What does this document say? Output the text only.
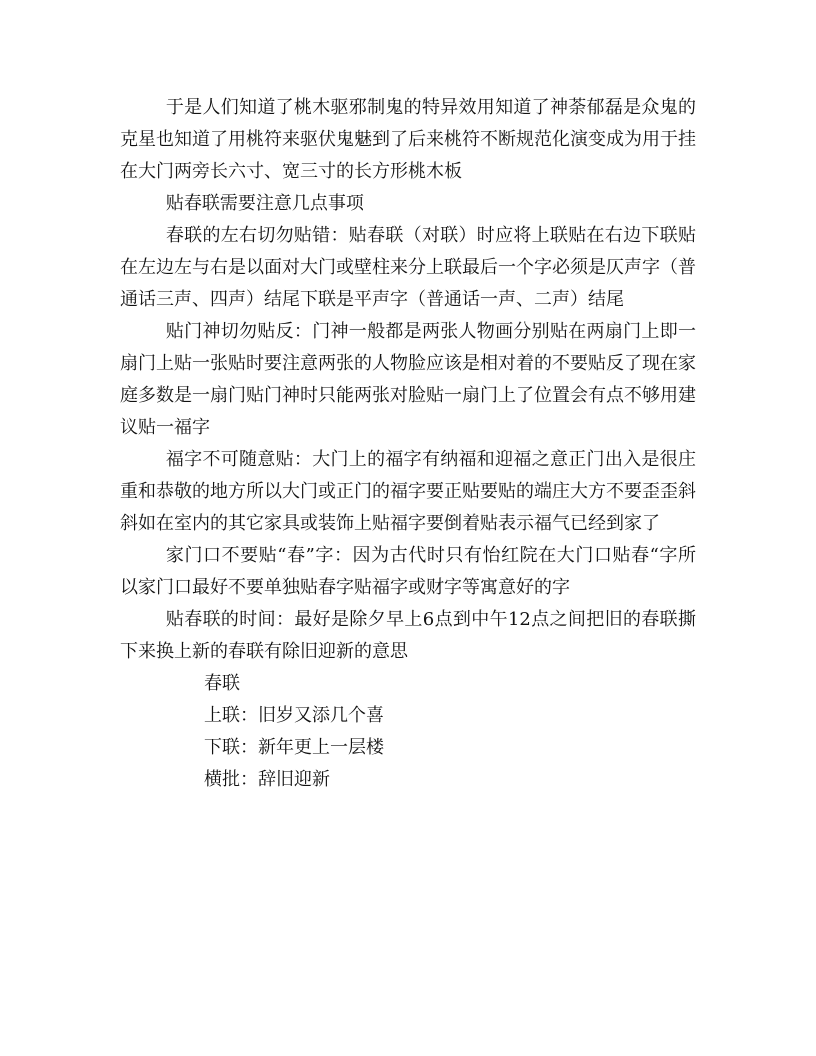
于是人们知道了桃木驱邪制鬼的特异效用知道了神荼郁磊是众鬼的克星也知道了用桃符来驱伏鬼魅到了后来桃符不断规范化演变成为用于挂在大门两旁长六寸、宽三寸的长方形桃木板

贴春联需要注意几点事项

春联的左右切勿贴错：贴春联（对联）时应将上联贴在右边下联贴在左边左与右是以面对大门或壁柱来分上联最后一个字必须是仄声字（普通话三声、四声）结尾下联是平声字（普通话一声、二声）结尾

贴门神切勿贴反：门神一般都是两张人物画分别贴在两扇门上即一扇门上贴一张贴时要注意两张的人物脸应该是相对着的不要贴反了现在家庭多数是一扇门贴门神时只能两张对脸贴一扇门上了位置会有点不够用建议贴一福字

福字不可随意贴：大门上的福字有纳福和迎福之意正门出入是很庄重和恭敬的地方所以大门或正门的福字要正贴要贴的端庄大方不要歪歪斜斜如在室内的其它家具或装饰上贴福字要倒着贴表示福气已经到家了

家门口不要贴“春”字：因为古代时只有怡红院在大门口贴春“字所以家门口最好不要单独贴春字贴福字或财字等寓意好的字

贴春联的时间：最好是除夕早上6点到中午12点之间把旧的春联撕下来换上新的春联有除旧迎新的意思

春联

上联：旧岁又添几个喜

下联：新年更上一层楼

横批：辞旧迎新
